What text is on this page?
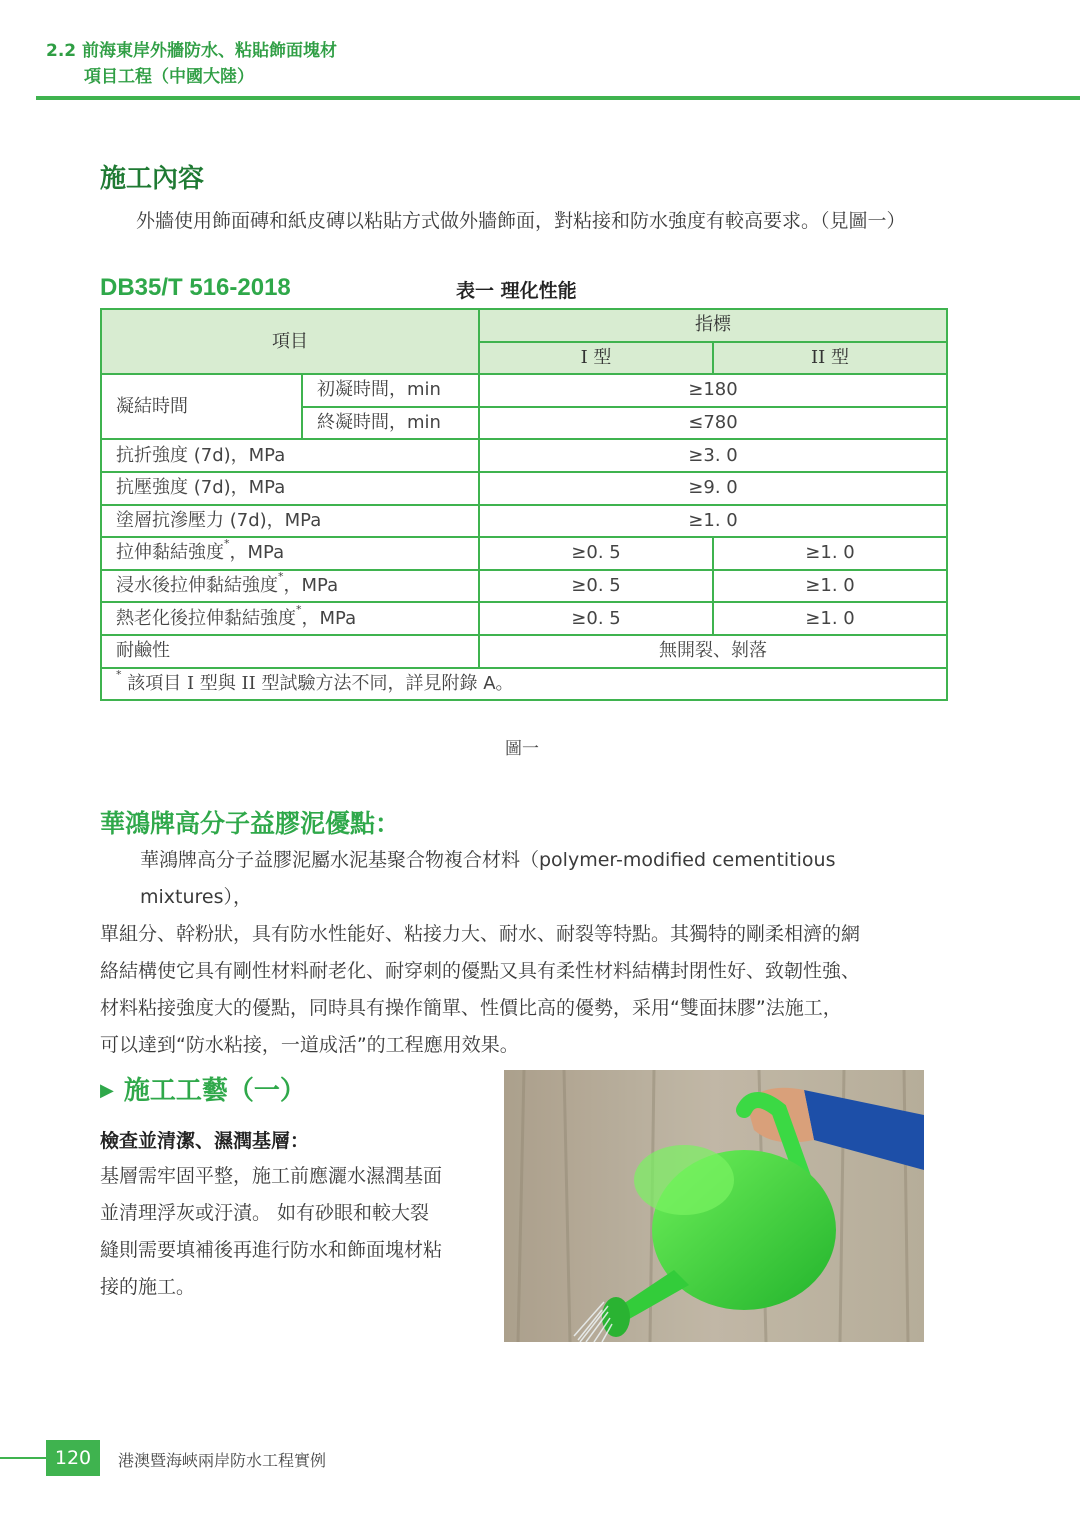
2.2 前海東岸外牆防水、粘貼飾面塊材
項目工程（中國大陸）
施工內容
外牆使用飾面磚和紙皮磚以粘貼方式做外牆飾面，對粘接和防水強度有較高要求。（見圖一）
DB35/T 516-2018	表一 理化性能
項目		指標	
		I 型	II 型
凝結時間	初凝時間，min	≥180	
	終凝時間，min	≤780	
抗折強度 (7d)，MPa		≥3. 0	
抗壓強度 (7d)，MPa		≥9. 0	
塗層抗滲壓力 (7d)，MPa		≥1. 0	
拉伸黏結強度*，MPa		≥0. 5	≥1. 0
浸水後拉伸黏結強度*，MPa		≥0. 5	≥1. 0
熱老化後拉伸黏結強度*，MPa		≥0. 5	≥1. 0
耐鹼性		無開裂、剝落	
* 該項目 I 型與 II 型試驗方法不同，詳見附錄 A。			
圖一
華鴻牌高分子益膠泥優點：

華鴻牌高分子益膠泥屬水泥基聚合物複合材料（polymer-modified cementitious mixtures），

單組分、幹粉狀，具有防水性能好、粘接力大、耐水、耐裂等特點。其獨特的剛柔相濟的網

絡結構使它具有剛性材料耐老化、耐穿刺的優點又具有柔性材料結構封閉性好、致韌性強、

材料粘接強度大的優點，同時具有操作簡單、性價比高的優勢，采用“雙面抹膠”法施工，

可以達到“防水粘接，一道成活”的工程應用效果。

▶ 施工工藝（一）
檢查並清潔、濕潤基層：
基層需牢固平整，施工前應灑水濕潤基面
並清理浮灰或汙漬。 如有砂眼和較大裂
縫則需要填補後再進行防水和飾面塊材粘
接的施工。
120	港澳暨海峽兩岸防水工程實例
